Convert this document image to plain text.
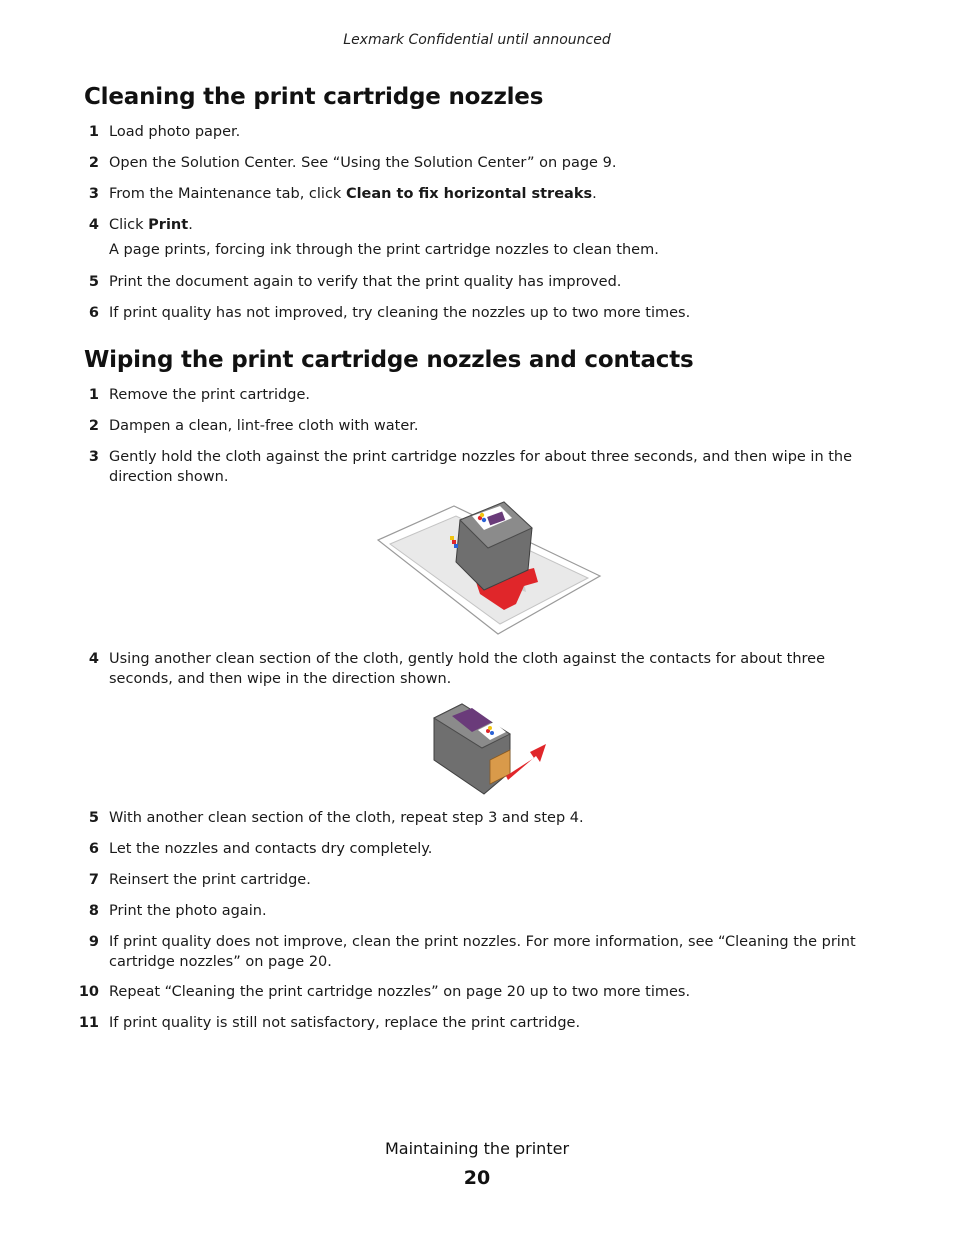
Lexmark Confidential until announced
Cleaning the print cartridge nozzles
1 Load photo paper.
2 Open the Solution Center. See “Using the Solution Center” on page 9.
3 From the Maintenance tab, click Clean to fix horizontal streaks.
4 Click Print.
A page prints, forcing ink through the print cartridge nozzles to clean them.
5 Print the document again to verify that the print quality has improved.
6 If print quality has not improved, try cleaning the nozzles up to two more times.
Wiping the print cartridge nozzles and contacts
1 Remove the print cartridge.
2 Dampen a clean, lint-free cloth with water.
3 Gently hold the cloth against the print cartridge nozzles for about three seconds, and then wipe in the direction shown.
4 Using another clean section of the cloth, gently hold the cloth against the contacts for about three seconds, and then wipe in the direction shown.
5 With another clean section of the cloth, repeat step 3 and step 4.
6 Let the nozzles and contacts dry completely.
7 Reinsert the print cartridge.
8 Print the photo again.
9 If print quality does not improve, clean the print nozzles. For more information, see “Cleaning the print cartridge nozzles” on page 20.
10 Repeat “Cleaning the print cartridge nozzles” on page 20 up to two more times.
11 If print quality is still not satisfactory, replace the print cartridge.
Maintaining the printer
20
